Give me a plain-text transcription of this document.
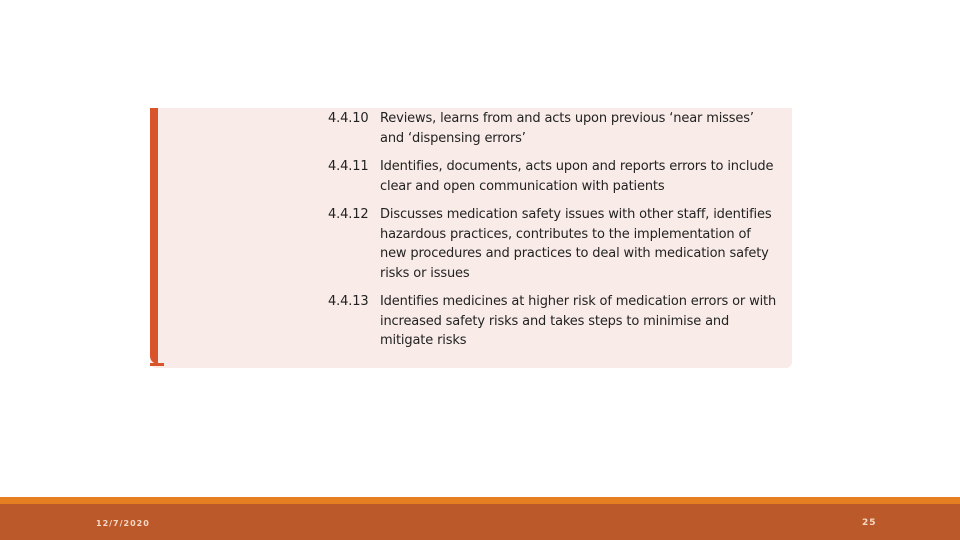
4.4.10 Reviews, learns from and acts upon previous ‘near misses’ and ‘dispensing errors’
4.4.11 Identifies, documents, acts upon and reports errors to include clear and open communication with patients
4.4.12 Discusses medication safety issues with other staff, identifies hazardous practices, contributes to the implementation of new procedures and practices to deal with medication safety risks or issues
4.4.13 Identifies medicines at higher risk of medication errors or with increased safety risks and takes steps to minimise and mitigate risks
12/7/2020	25
